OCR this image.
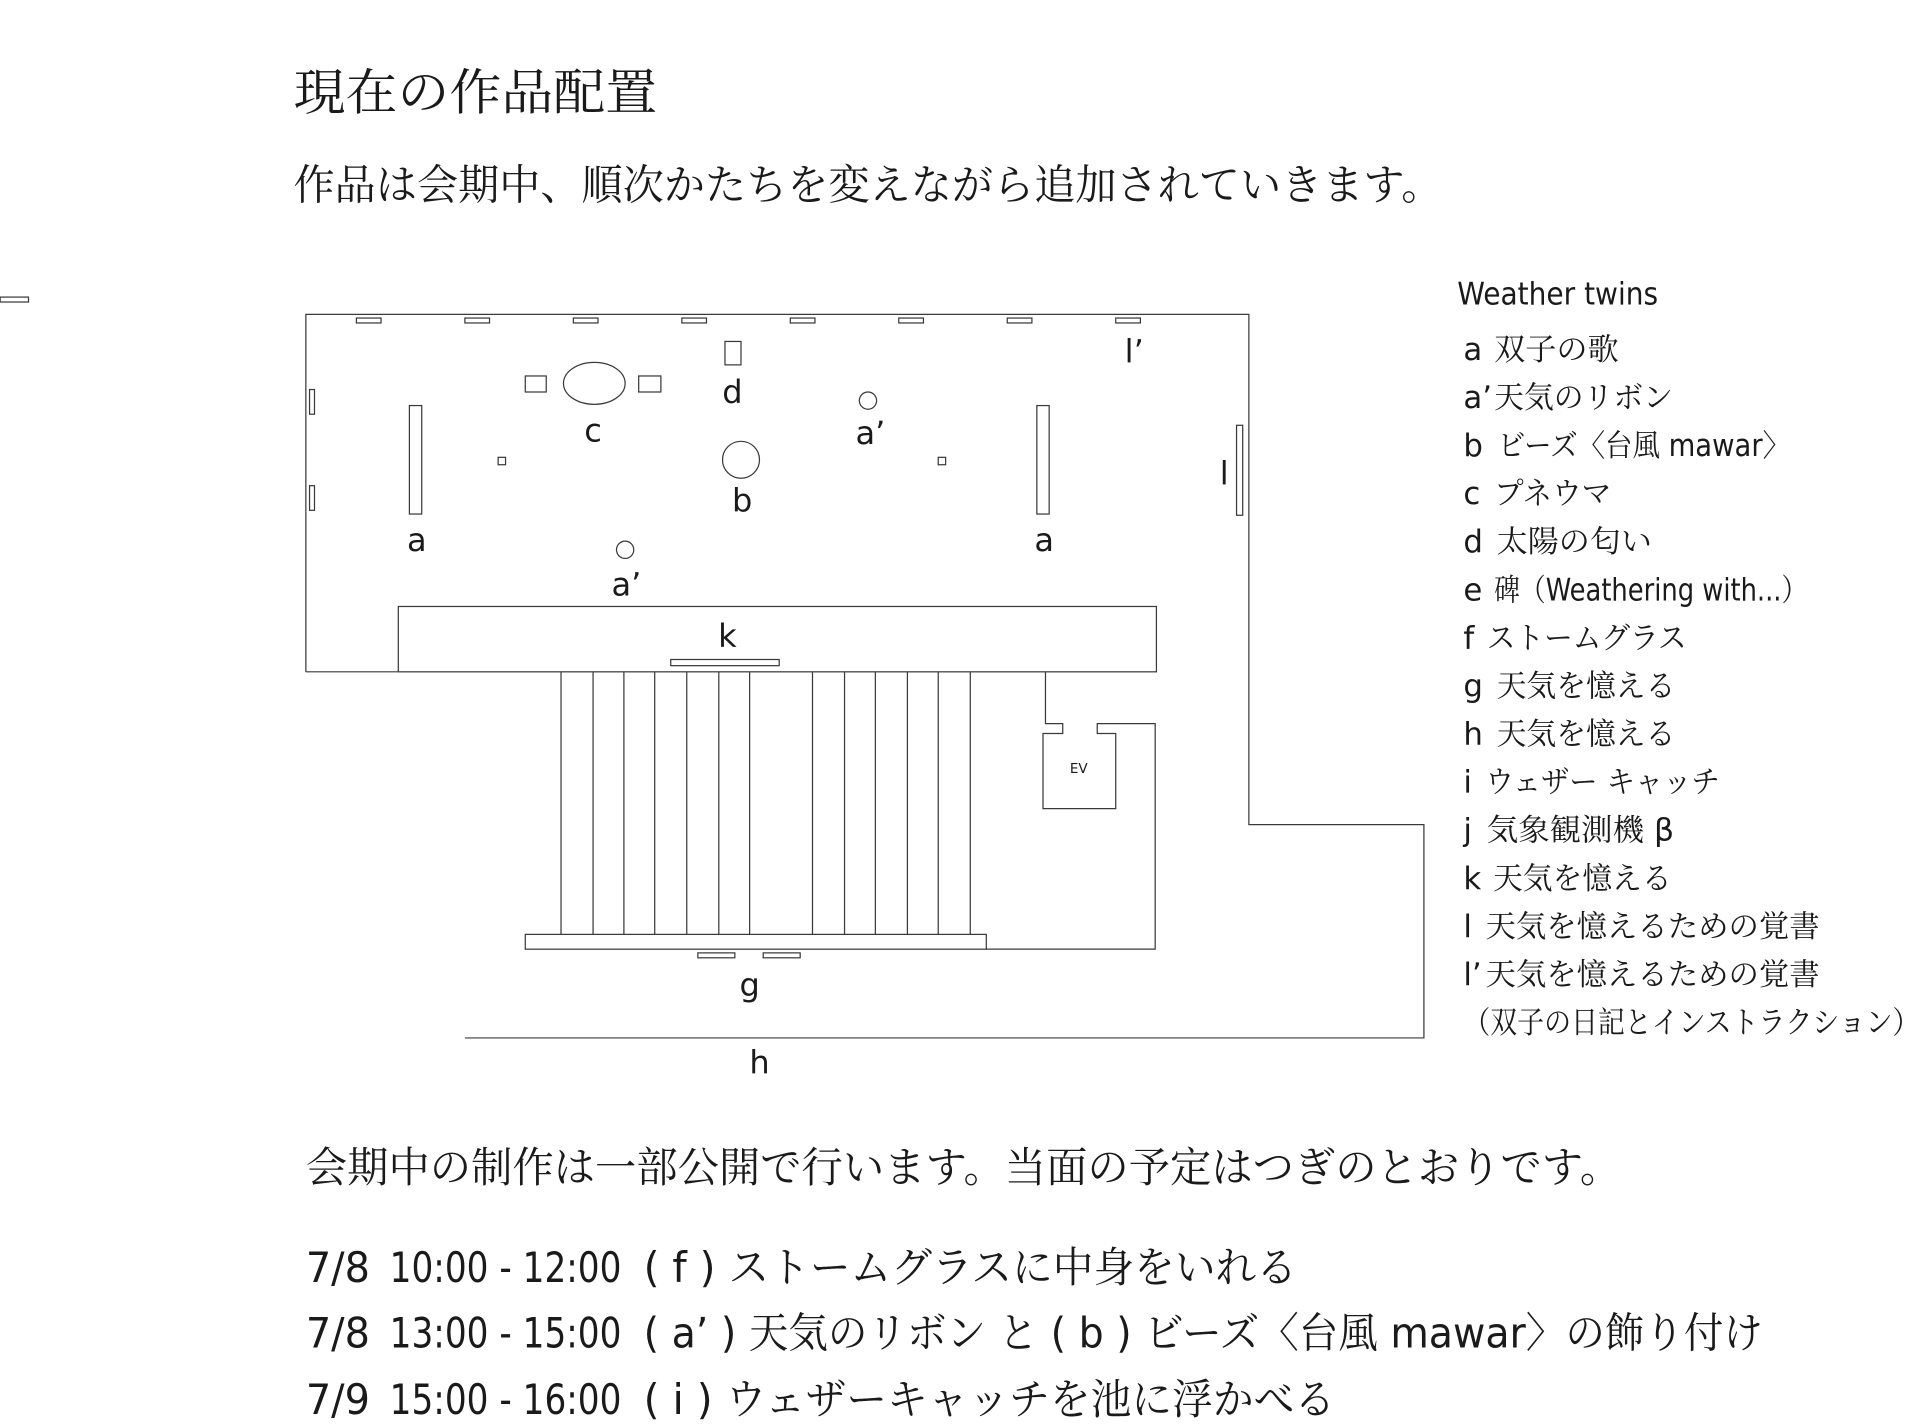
現在の作品配置
作品は会期中、順次かたちを変えながら追加されていきます。
l’
d
c	a’
b
a	a
a’
k
l
EV
g
h
Weather twins
a 双子の歌
a’ 天気のリボン
b ビーズ〈台風 mawar〉
c プネウマ
d 太陽の匂い
e 碑（Weathering with...）
f ストームグラス
g 天気を憶える
h 天気を憶える
i ウェザー キャッチ
j 気象観測機 β
k 天気を憶える
l 天気を憶えるための覚書
l’ 天気を憶えるための覚書
（双子の日記とインストラクション）
会期中の制作は一部公開で行います。当面の予定はつぎのとおりです。
7/8 10:00 - 12:00 ( f ) ストームグラスに中身をいれる
7/8 13:00 - 15:00 ( a’ ) 天気のリボン と ( b ) ビーズ〈台風 mawar〉の飾り付け
7/9 15:00 - 16:00 ( i ) ウェザーキャッチを池に浮かべる
